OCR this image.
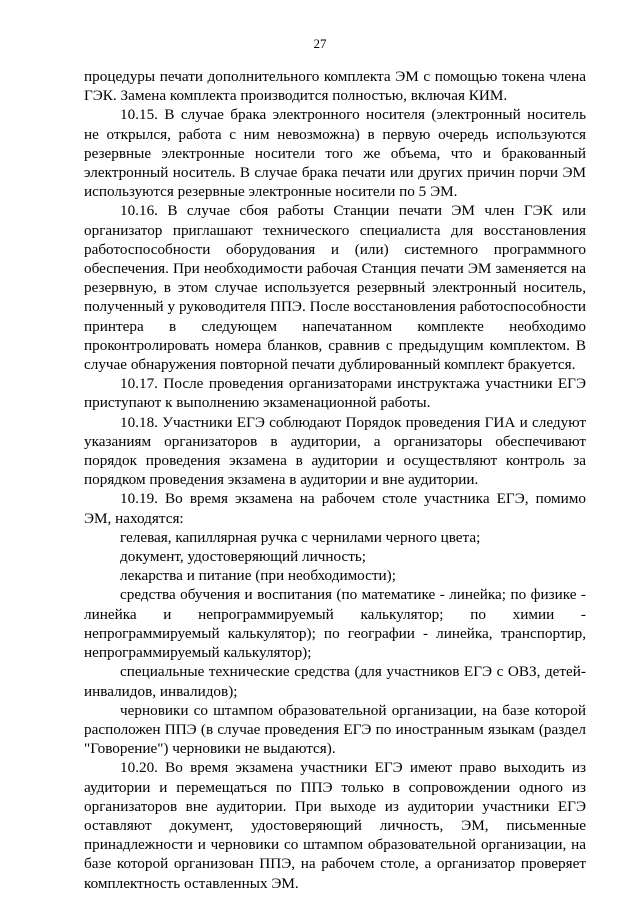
27

процедуры печати дополнительного комплекта ЭМ с помощью токена члена ГЭК. Замена комплекта производится полностью, включая КИМ.

10.15. В случае брака электронного носителя (электронный носитель не открылся, работа с ним невозможна) в первую очередь используются резервные электронные носители того же объема, что и бракованный электронный носитель. В случае брака печати или других причин порчи ЭМ используются резервные электронные носители по 5 ЭМ.

10.16. В случае сбоя работы Станции печати ЭМ член ГЭК или организатор приглашают технического специалиста для восстановления работоспособности оборудования и (или) системного программного обеспечения. При необходимости рабочая Станция печати ЭМ заменяется на резервную, в этом случае используется резервный электронный носитель, полученный у руководителя ППЭ. После восстановления работоспособности принтера в следующем напечатанном комплекте необходимо проконтролировать номера бланков, сравнив с предыдущим комплектом. В случае обнаружения повторной печати дублированный комплект бракуется.

10.17. После проведения организаторами инструктажа участники ЕГЭ приступают к выполнению экзаменационной работы.

10.18. Участники ЕГЭ соблюдают Порядок проведения ГИА и следуют указаниям организаторов в аудитории, а организаторы обеспечивают порядок проведения экзамена в аудитории и осуществляют контроль за порядком проведения экзамена в аудитории и вне аудитории.

10.19. Во время экзамена на рабочем столе участника ЕГЭ, помимо ЭМ, находятся:

гелевая, капиллярная ручка с чернилами черного цвета;

документ, удостоверяющий личность;

лекарства и питание (при необходимости);

средства обучения и воспитания (по математике - линейка; по физике - линейка и непрограммируемый калькулятор; по химии - непрограммируемый калькулятор); по географии - линейка, транспортир, непрограммируемый калькулятор);

специальные технические средства (для участников ЕГЭ с ОВЗ, детей-инвалидов, инвалидов);

черновики со штампом образовательной организации, на базе которой расположен ППЭ (в случае проведения ЕГЭ по иностранным языкам (раздел "Говорение") черновики не выдаются).

10.20. Во время экзамена участники ЕГЭ имеют право выходить из аудитории и перемещаться по ППЭ только в сопровождении одного из организаторов вне аудитории. При выходе из аудитории участники ЕГЭ оставляют документ, удостоверяющий личность, ЭМ, письменные принадлежности и черновики со штампом образовательной организации, на базе которой организован ППЭ, на рабочем столе, а организатор проверяет комплектность оставленных ЭМ.
